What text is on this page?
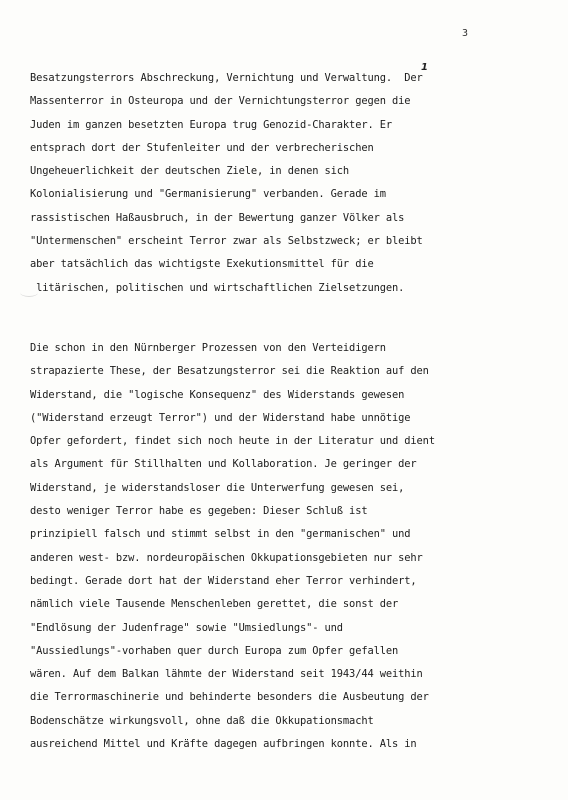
3
1
Besatzungsterrors Abschreckung, Vernichtung und Verwaltung.  Der
Massenterror in Osteuropa und der Vernichtungsterror gegen die
Juden im ganzen besetzten Europa trug Genozid-Charakter. Er
entsprach dort der Stufenleiter und der verbrecherischen
Ungeheuerlichkeit der deutschen Ziele, in denen sich
Kolonialisierung und "Germanisierung" verbanden. Gerade im
rassistischen Haßausbruch, in der Bewertung ganzer Völker als
"Untermenschen" erscheint Terror zwar als Selbstzweck; er bleibt
aber tatsächlich das wichtigste Exekutionsmittel für die
litärischen, politischen und wirtschaftlichen Zielsetzungen.
Die schon in den Nürnberger Prozessen von den Verteidigern
strapazierte These, der Besatzungsterror sei die Reaktion auf den
Widerstand, die "logische Konsequenz" des Widerstands gewesen
("Widerstand erzeugt Terror") und der Widerstand habe unnötige
Opfer gefordert, findet sich noch heute in der Literatur und dient
als Argument für Stillhalten und Kollaboration. Je geringer der
Widerstand, je widerstandsloser die Unterwerfung gewesen sei,
desto weniger Terror habe es gegeben: Dieser Schluß ist
prinzipiell falsch und stimmt selbst in den "germanischen" und
anderen west- bzw. nordeuropäischen Okkupationsgebieten nur sehr
bedingt. Gerade dort hat der Widerstand eher Terror verhindert,
nämlich viele Tausende Menschenleben gerettet, die sonst der
"Endlösung der Judenfrage" sowie "Umsiedlungs"- und
"Aussiedlungs"-vorhaben quer durch Europa zum Opfer gefallen
wären. Auf dem Balkan lähmte der Widerstand seit 1943/44 weithin
die Terrormaschinerie und behinderte besonders die Ausbeutung der
Bodenschätze wirkungsvoll, ohne daß die Okkupationsmacht
ausreichend Mittel und Kräfte dagegen aufbringen konnte. Als in
